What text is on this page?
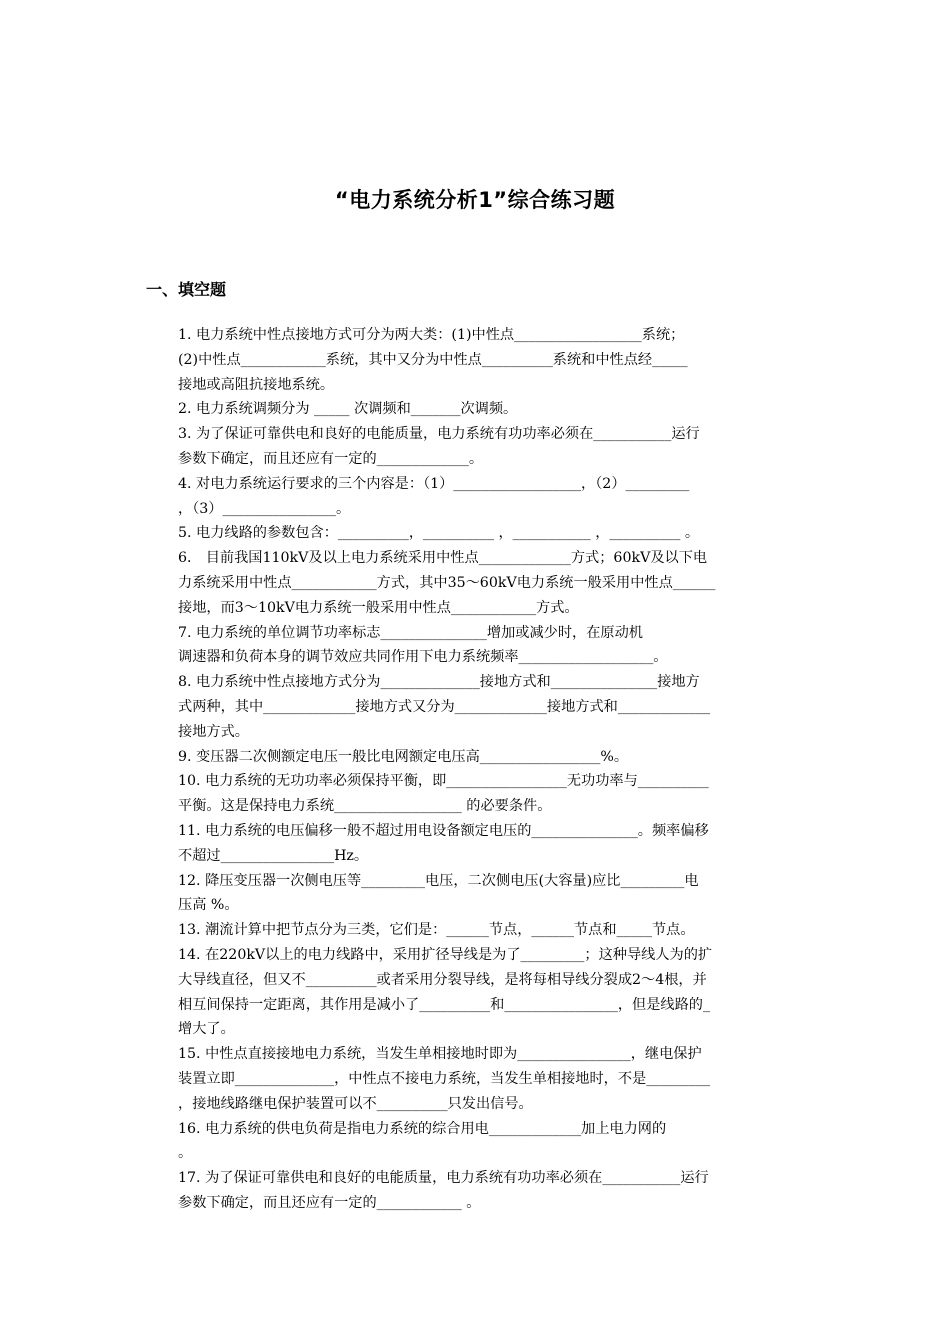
“电力系统分析1”综合练习题
一、填空题
1. 电力系统中性点接地方式可分为两大类：(1)中性点__________________系统；
(2)中性点____________系统，其中又分为中性点__________系统和中性点经_____
接地或高阻抗接地系统。
2. 电力系统调频分为 _____ 次调频和_______次调频。
3. 为了保证可靠供电和良好的电能质量，电力系统有功功率必须在___________运行
参数下确定，而且还应有一定的_____________。
4. 对电力系统运行要求的三个内容是：（1）__________________，（2）_________
，（3）________________。
5. 电力线路的参数包含：__________，__________ ，___________ ，__________ 。
6． 目前我国110kV及以上电力系统采用中性点_____________方式；60kV及以下电
力系统采用中性点____________方式，其中35～60kV电力系统一般采用中性点______
接地，而3～10kV电力系统一般采用中性点____________方式。
7. 电力系统的单位调节功率标志_______________增加或减少时，在原动机
调速器和负荷本身的调节效应共同作用下电力系统频率___________________。
8. 电力系统中性点接地方式分为______________接地方式和_______________接地方
式两种，其中_____________接地方式又分为_____________接地方式和_____________
接地方式。
9. 变压器二次侧额定电压一般比电网额定电压高_________________%。
10. 电力系统的无功功率必须保持平衡，即_________________无功功率与__________
平衡。这是保持电力系统__________________ 的必要条件。
11. 电力系统的电压偏移一般不超过用电设备额定电压的_______________。频率偏移
不超过________________Hz。
12. 降压变压器一次侧电压等_________电压，二次侧电压(大容量)应比_________电
压高 %。
13. 潮流计算中把节点分为三类，它们是：______节点，______节点和_____节点。
14. 在220kV以上的电力线路中，采用扩径导线是为了_________；这种导线人为的扩
大导线直径，但又不__________或者采用分裂导线，是将每相导线分裂成2～4根，并
相互间保持一定距离，其作用是减小了__________和________________，但是线路的_
增大了。
15. 中性点直接接地电力系统，当发生单相接地时即为________________，继电保护
装置立即______________，中性点不接电力系统，当发生单相接地时，不是_________
，接地线路继电保护装置可以不__________只发出信号。
16. 电力系统的供电负荷是指电力系统的综合用电_____________加上电力网的
。
17. 为了保证可靠供电和良好的电能质量，电力系统有功功率必须在___________运行
参数下确定，而且还应有一定的____________ 。
